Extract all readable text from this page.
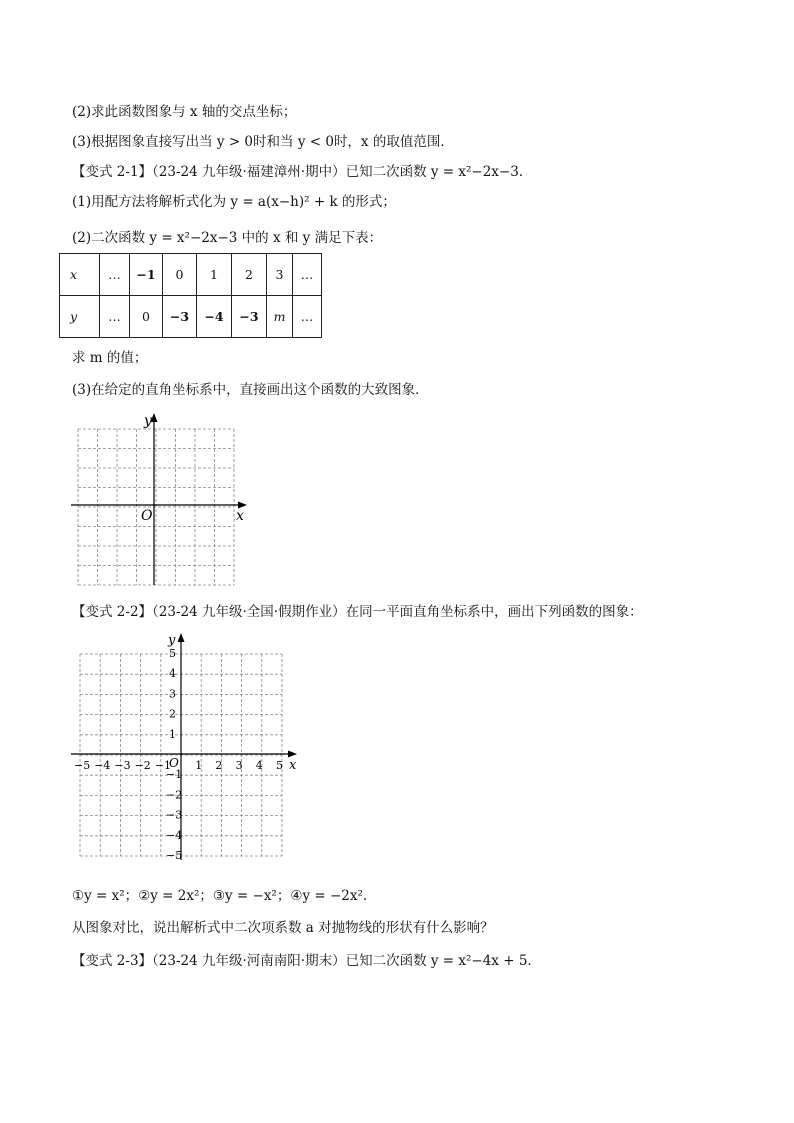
(2)求此函数图象与 x 轴的交点坐标；
(3)根据图象直接写出当 y > 0时和当 y < 0时，x 的取值范围．
【变式 2-1】（23-24 九年级·福建漳州·期中）已知二次函数 y = x²−2x−3．
(1)用配方法将解析式化为 y = a(x−h)² + k 的形式；
(2)二次函数 y = x²−2x−3 中的 x 和 y 满足下表：
x	…	−1	0	1	2	3	…
y	…	0	−3	−4	−3	m	…
求 m 的值；
(3)在给定的直角坐标系中，直接画出这个函数的大致图象．
x
y
O
【变式 2-2】（23-24 九年级·全国·假期作业）在同一平面直角坐标系中，画出下列函数的图象：
x
y
O
−5 −4 −3 −2 −1 1 2 3 4 5
5
4
3
2
1
−1
−2
−3
−4
−5
①y = x²；②y = 2x²；③y = −x²；④y = −2x²．
从图象对比，说出解析式中二次项系数 a 对抛物线的形状有什么影响？
【变式 2-3】（23-24 九年级·河南南阳·期末）已知二次函数 y = x²−4x + 5．
